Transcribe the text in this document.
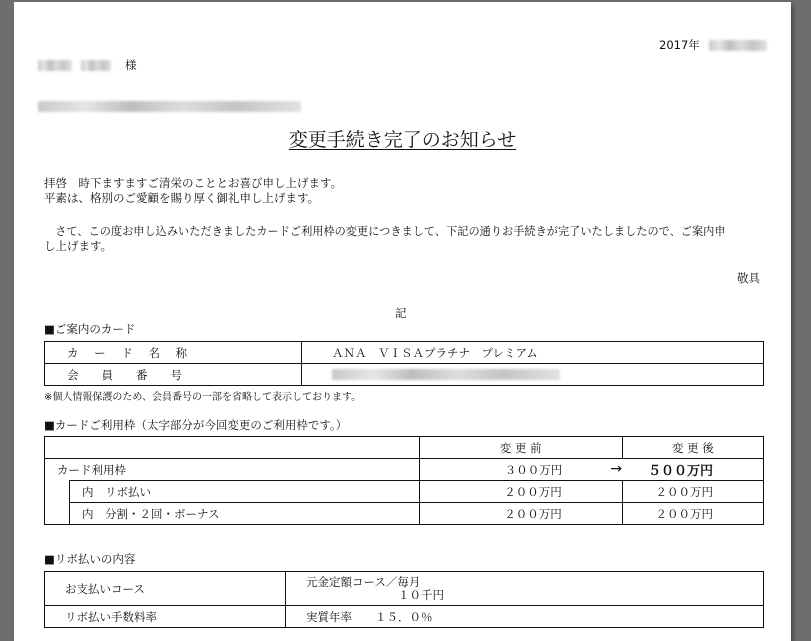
2017年
様
変更手続き完了のお知らせ
拝啓　時下ますますご清栄のこととお喜び申し上げます。
平素は、格別のご愛顧を賜り厚く御礼申し上げます。
　さて、この度お申し込みいただきましたカードご利用枠の変更につきまして、下記の通りお手続きが完了いたしましたので、ご案内申
し上げます。
敬具
記
■ご案内のカード
カ ー ド 名 称	ＡＮＡ　ＶＩＳＡプラチナ　プレミアム
会　　員　　番　　号	
※個人情報保護のため、会員番号の一部を省略して表示しております。
■カードご利用枠（太字部分が今回変更のご利用枠です。）
		変 更 前	変 更 後
カード利用枠		３００万円	→ ５００万円
	内　リボ払い	２００万円	２００万円
	内　分割・２回・ボーナス	２００万円	２００万円
■リボ払いの内容
お支払いコース	元金定額コース／毎月
１０千円

リボ払い手数料率	実質年率　　１５．０％
